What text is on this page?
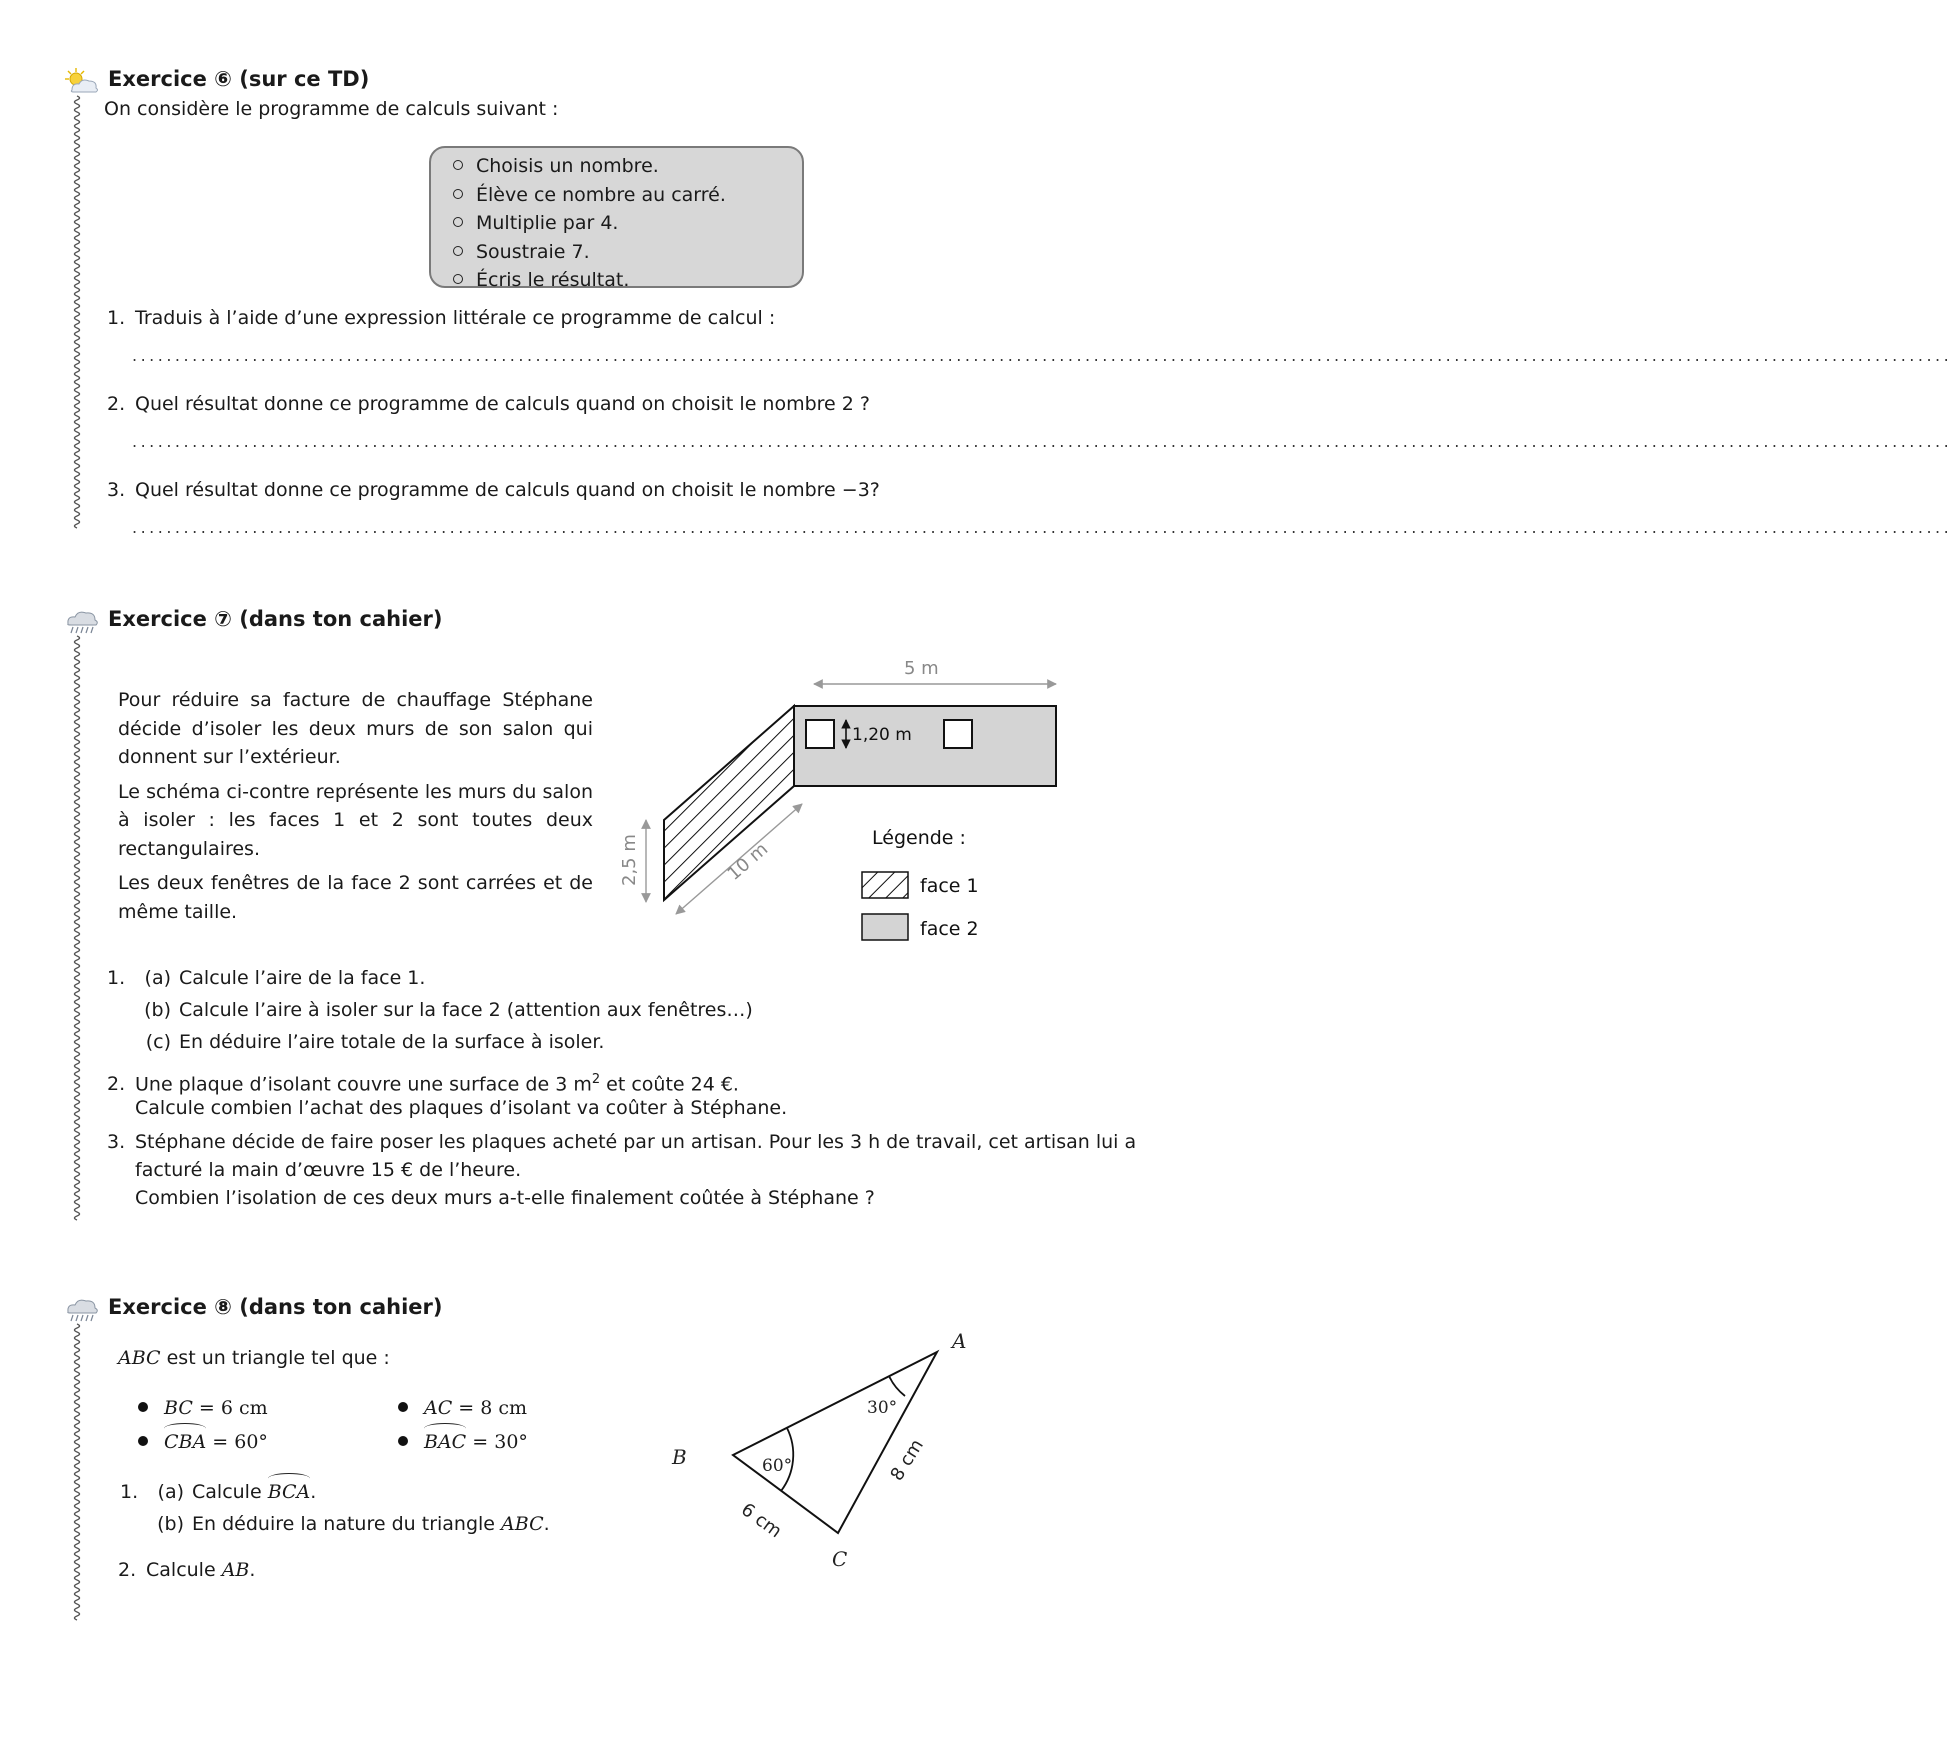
Exercice ⑥ (sur ce TD)
On considère le programme de calculs suivant :
Choisis un nombre.
Élève ce nombre au carré.
Multiplie par 4.
Soustraie 7.
Écris le résultat.
1. Traduis à l’aide d’une expression littérale ce programme de calcul :
....................................................................................................................................................................................................................
2. Quel résultat donne ce programme de calculs quand on choisit le nombre 2 ?
....................................................................................................................................................................................................................
3. Quel résultat donne ce programme de calculs quand on choisit le nombre −3?
....................................................................................................................................................................................................................
Exercice ⑦ (dans ton cahier)

Pour réduire sa facture de chauffage Stéphane décide d’isoler les deux murs de son salon qui donnent sur l’extérieur.

Le schéma ci-contre représente les murs du salon à isoler : les faces 1 et 2 sont toutes deux rectangulaires.

Les deux fenêtres de la face 2 sont carrées et de même taille.

5 m
1,20 m
2,5 m	10 m
Légende :
face 1
face 2
1. (a) Calcule l’aire de la face 1.
(b) Calcule l’aire à isoler sur la face 2 (attention aux fenêtres…)
(c) En déduire l’aire totale de la surface à isoler.
2. Une plaque d’isolant couvre une surface de 3 $m^2$ et coûte 24 €.
Calcule combien l’achat des plaques d’isolant va coûter à Stéphane.
3. Stéphane décide de faire poser les plaques acheté par un artisan. Pour les 3 h de travail, cet artisan lui a
facturé la main d’œuvre 15 € de l’heure.
Combien l’isolation de ces deux murs a-t-elle finalement coûtée à Stéphane ?
Exercice ⑧ (dans ton cahier)
ABC est un triangle tel que :
BC = 6 cm	AC = 8 cm
CBA = 60°	BAC = 30°
1. (a) Calcule BCA.
(b) En déduire la nature du triangle ABC.
2. Calcule AB.
A
B
C
30°
60°
6 cm
8 cm
